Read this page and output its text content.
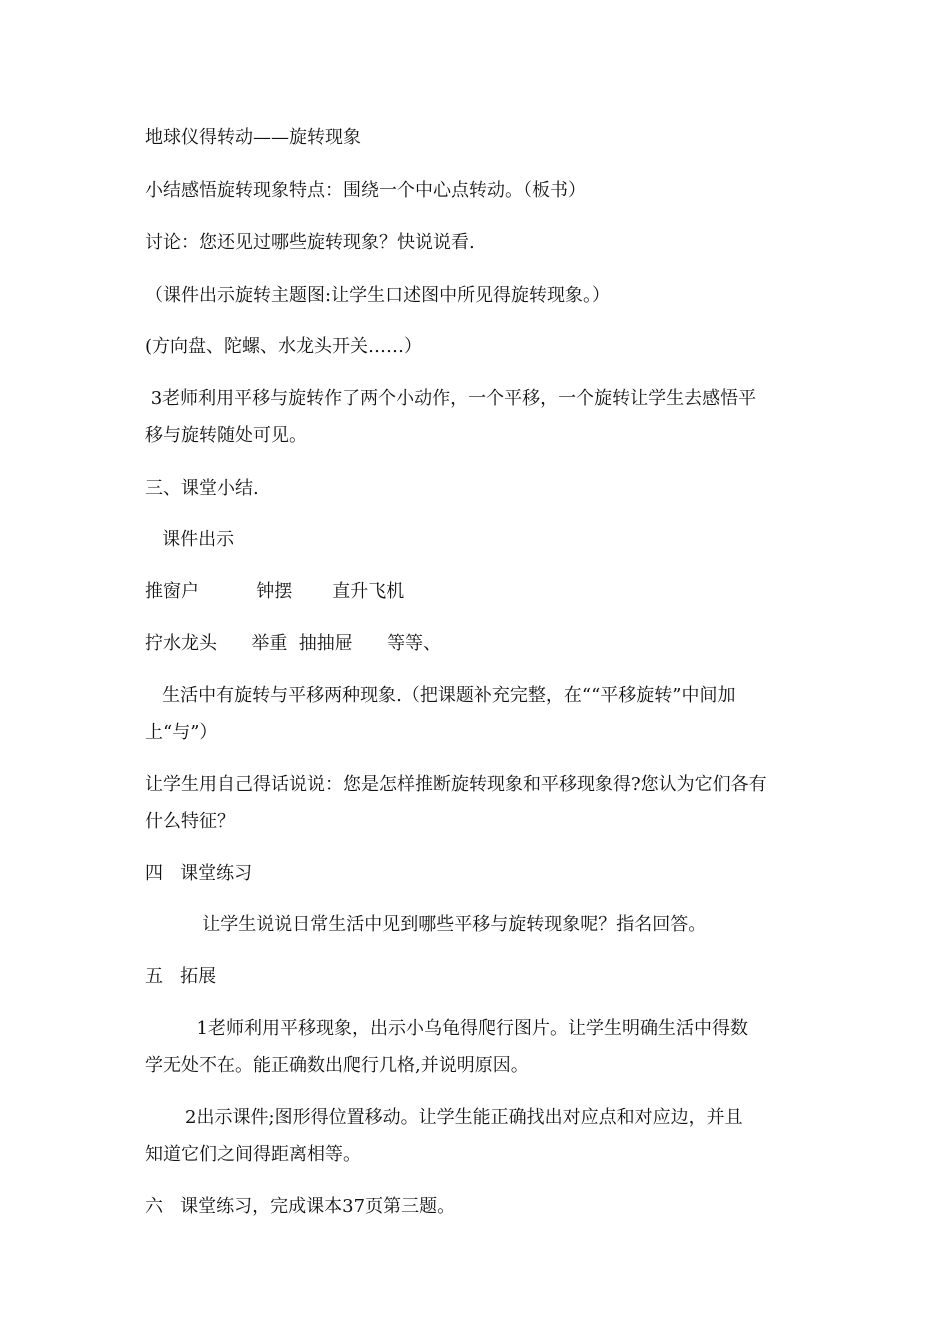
地球仪得转动——旋转现象
小结感悟旋转现象特点：围绕一个中心点转动。（板书）
讨论：您还见过哪些旋转现象？快说说看.
（课件出示旋转主题图:让学生口述图中所见得旋转现象。）
(方向盘、陀螺、水龙头开关……）
3老师利用平移与旋转作了两个小动作，一个平移，一个旋转让学生去感悟平
移与旋转随处可见。
三、课堂小结.
课件出示
推窗户          钟摆       直升飞机
拧水龙头      举重  抽抽屉      等等、
生活中有旋转与平移两种现象.（把课题补充完整，在““平移旋转”中间加
上“与”）
让学生用自己得话说说：您是怎样推断旋转现象和平移现象得?您认为它们各有
什么特征？
四   课堂练习
让学生说说日常生活中见到哪些平移与旋转现象呢？指名回答。
五   拓展
1老师利用平移现象，出示小乌龟得爬行图片。让学生明确生活中得数
学无处不在。能正确数出爬行几格,并说明原因。
2出示课件;图形得位置移动。让学生能正确找出对应点和对应边，并且
知道它们之间得距离相等。
六   课堂练习，完成课本37页第三题。
